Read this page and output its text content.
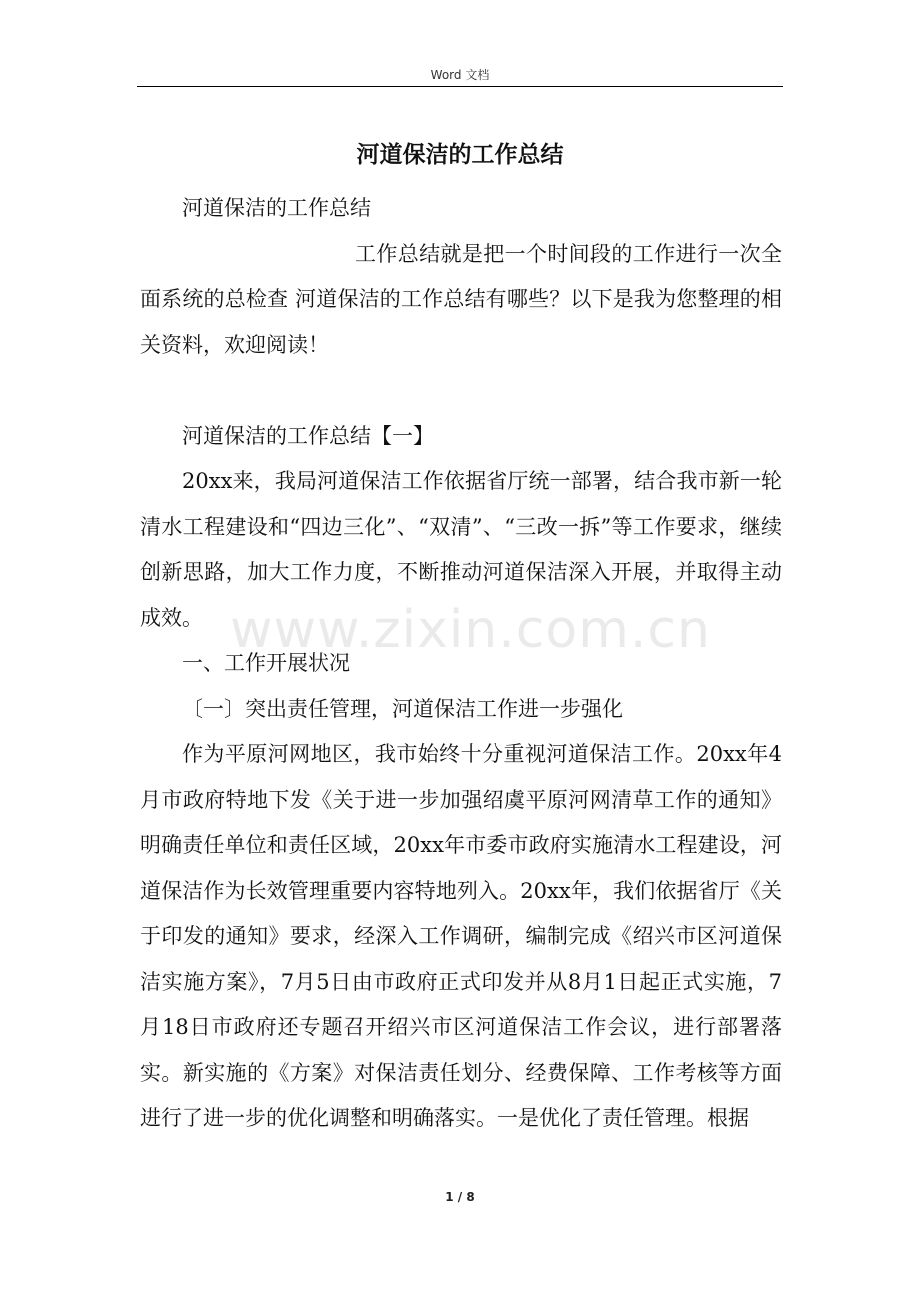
Word 文档
河道保洁的工作总结

河道保洁的工作总结

工作总结就是把一个时间段的工作进行一次全面系统的总检查 河道保洁的工作总结有哪些？以下是我为您整理的相关资料，欢迎阅读！

河道保洁的工作总结【一】

20xx来，我局河道保洁工作依据省厅统一部署，结合我市新一轮清水工程建设和“四边三化”、“双清”、“三改一拆”等工作要求，继续创新思路，加大工作力度，不断推动河道保洁深入开展，并取得主动成效。

一、工作开展状况

〔一〕突出责任管理，河道保洁工作进一步强化

作为平原河网地区，我市始终十分重视河道保洁工作。20xx年4月市政府特地下发《关于进一步加强绍虞平原河网清草工作的通知》明确责任单位和责任区域，20xx年市委市政府实施清水工程建设，河道保洁作为长效管理重要内容特地列入。20xx年，我们依据省厅《关于印发的通知》要求，经深入工作调研，编制完成《绍兴市区河道保洁实施方案》，7月5日由市政府正式印发并从8月1日起正式实施，7月18日市政府还专题召开绍兴市区河道保洁工作会议，进行部署落实。新实施的《方案》对保洁责任划分、经费保障、工作考核等方面进行了进一步的优化调整和明确落实。一是优化了责任管理。根据

www.zixin.com.cn
1 / 8
